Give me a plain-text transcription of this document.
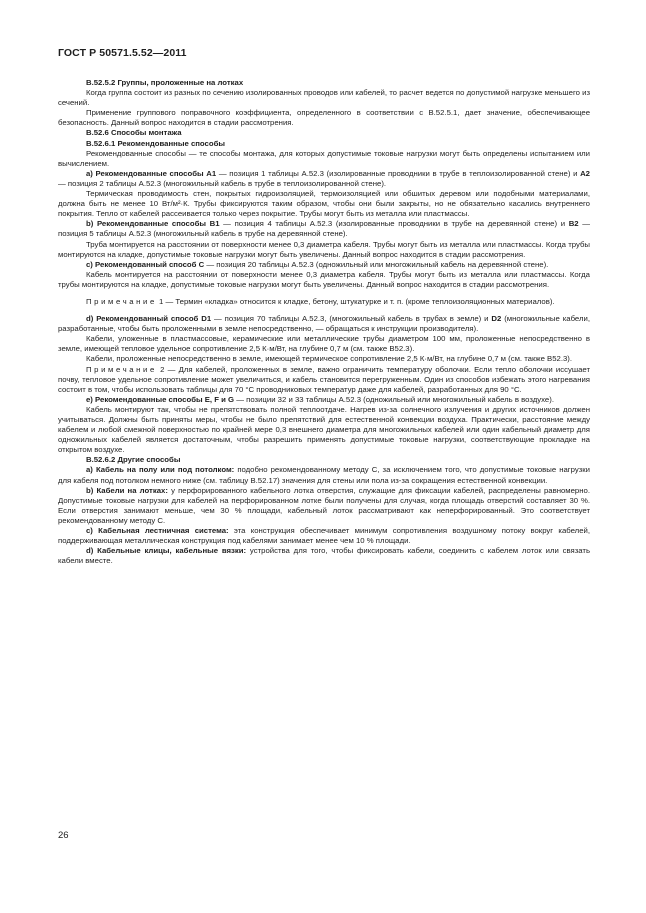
ГОСТ Р 50571.5.52—2011

В.52.5.2 Группы, проложенные на лотках

Когда группа состоит из разных по сечению изолированных проводов или кабелей, то расчет ведется по допустимой нагрузке меньшего из сечений.

Применение группового поправочного коэффициента, определенного в соответствии с В.52.5.1, дает значение, обеспечивающее безопасность. Данный вопрос находится в стадии рассмотрения.

В.52.6 Способы монтажа

В.52.6.1 Рекомендованные способы

Рекомендованные способы — те способы монтажа, для которых допустимые токовые нагрузки могут быть определены испытанием или вычислением.

а) Рекомендованные способы А1 — позиция 1 таблицы А.52.3 (изолированные проводники в трубе в теплоизолированной стене) и А2 — позиция 2 таблицы А.52.3 (многожильный кабель в трубе в теплоизолированной стене).

Термическая проводимость стен, покрытых гидроизоляцией, термоизоляцией или обшитых деревом или подобными материалами, должна быть не менее 10 Вт/м²·К. Трубы фиксируются таким образом, чтобы они были закрыты, но не обязательно касались внутреннего покрытия. Тепло от кабелей рассеивается только через покрытие. Трубы могут быть из металла или пластмассы.

b) Рекомендованные способы В1 — позиция 4 таблицы А.52.3 (изолированные проводники в трубе на деревянной стене) и В2 — позиция 5 таблицы А.52.3 (многожильный кабель в трубе на деревянной стене).

Труба монтируется на расстоянии от поверхности менее 0,3 диаметра кабеля. Трубы могут быть из металла или пластмассы. Когда трубы монтируются на кладке, допустимые токовые нагрузки могут быть увеличены. Данный вопрос находится в стадии рассмотрения.

с) Рекомендованный способ С — позиция 20 таблицы А.52.3 (одножильный или многожильный кабель на деревянной стене).

Кабель монтируется на расстоянии от поверхности менее 0,3 диаметра кабеля. Трубы могут быть из металла или пластмассы. Когда трубы монтируются на кладке, допустимые токовые нагрузки могут быть увеличены. Данный вопрос находится в стадии рассмотрения.

Примечание 1 — Термин «кладка» относится к кладке, бетону, штукатурке и т. п. (кроме теплоизоляционных материалов).

d) Рекомендованный способ D1 — позиция 70 таблицы А.52.3, (многожильный кабель в трубах в земле) и D2 (многожильные кабели, разработанные, чтобы быть проложенными в земле непосредственно, — обращаться к инструкции производителя).

Кабели, уложенные в пластмассовые, керамические или металлические трубы диаметром 100 мм, проложенные непосредственно в земле, имеющей тепловое удельное сопротивление 2,5 К·м/Вт, на глубине 0,7 м (см. также В52.3).

Кабели, проложенные непосредственно в земле, имеющей термическое сопротивление 2,5 К·м/Вт, на глубине 0,7 м (см. также В52.3).

Примечание 2 — Для кабелей, проложенных в земле, важно ограничить температуру оболочки. Если тепло оболочки иссушает почву, тепловое удельное сопротивление может увеличиться, и кабель становится перегруженным. Один из способов избежать этого нагревания состоит в том, чтобы использовать таблицы для 70 °С проводниковых температур даже для кабелей, разработанных для 90 °С.

е) Рекомендованные способы Е, F и G — позиции 32 и 33 таблицы А.52.3 (одножильный или многожильный кабель в воздухе).

Кабель монтируют так, чтобы не препятствовать полной теплоотдаче. Нагрев из-за солнечного излучения и других источников должен учитываться. Должны быть приняты меры, чтобы не было препятствий для естественной конвекции воздуха. Практически, расстояние между кабелем и любой смежной поверхностью по крайней мере 0,3 внешнего диаметра для многожильных кабелей или один кабельный диаметр для одножильных кабелей является достаточным, чтобы разрешить применять допустимые токовые нагрузки, соответствующие прокладке на открытом воздухе.

В.52.6.2 Другие способы

а) Кабель на полу или под потолком: подобно рекомендованному методу С, за исключением того, что допустимые токовые нагрузки для кабеля под потолком немного ниже (см. таблицу В.52.17) значения для стены или пола из-за сокращения естественной конвекции.

b) Кабели на лотках: у перфорированного кабельного лотка отверстия, служащие для фиксации кабелей, распределены равномерно. Допустимые токовые нагрузки для кабелей на перфорированном лотке были получены для случая, когда площадь отверстий составляет 30 %. Если отверстия занимают меньше, чем 30 % площади, кабельный лоток рассматривают как неперфорированный. Это соответствует рекомендованному методу С.

с) Кабельная лестничная система: эта конструкция обеспечивает минимум сопротивления воздушному потоку вокруг кабелей, поддерживающая металлическая конструкция под кабелями занимает менее чем 10 % площади.

d) Кабельные клицы, кабельные вязки: устройства для того, чтобы фиксировать кабели, соединить с кабелем лоток или связать кабели вместе.

26
